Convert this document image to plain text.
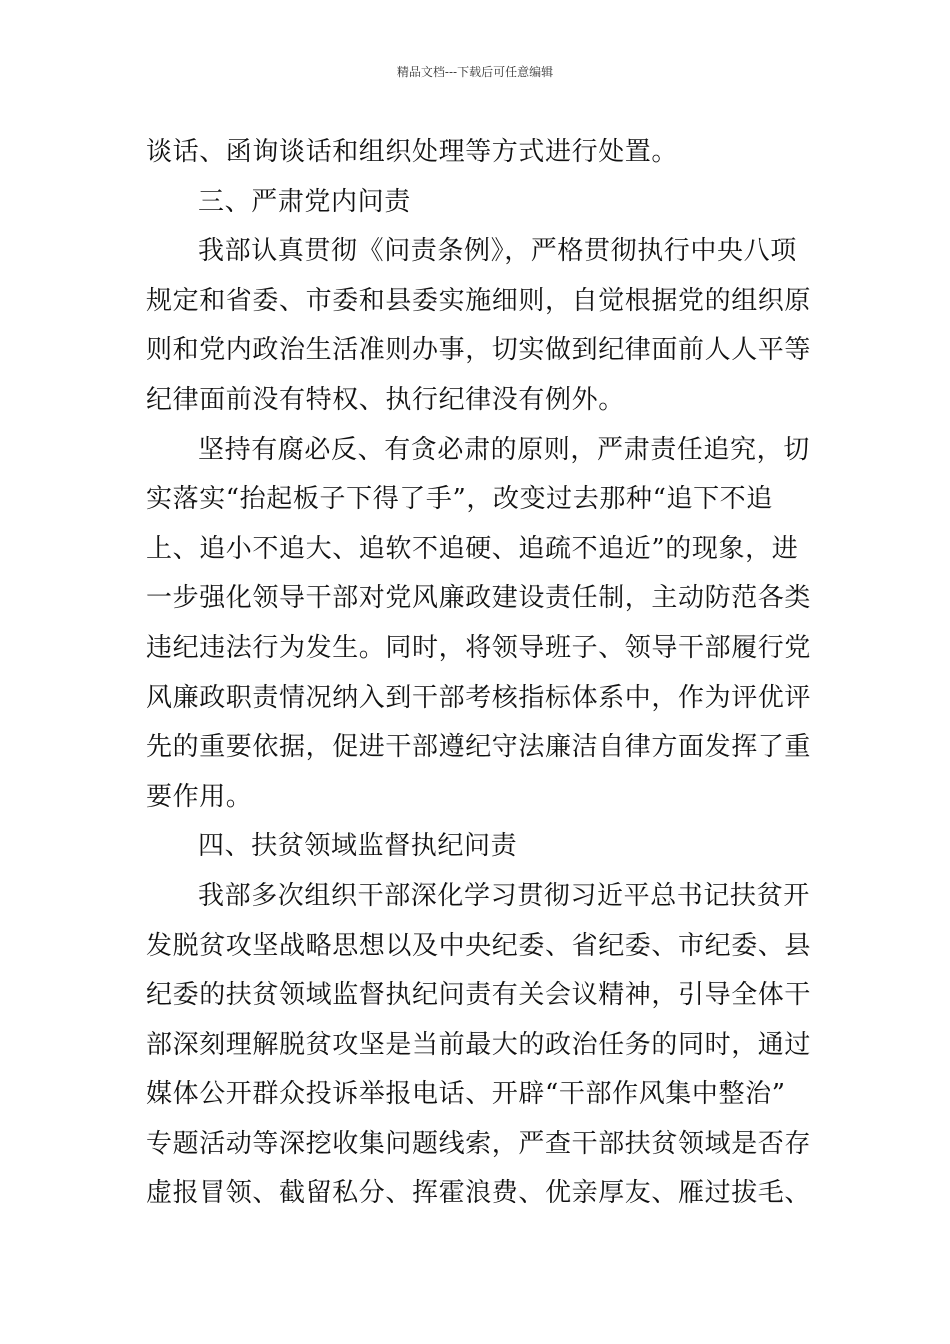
精品文档---下载后可任意编辑
谈话、函询谈话和组织处理等方式进行处置。
三、严肃党内问责
我部认真贯彻《问责条例》，严格贯彻执行中央八项
规定和省委、市委和县委实施细则，自觉根据党的组织原
则和党内政治生活准则办事，切实做到纪律面前人人平等
纪律面前没有特权、执行纪律没有例外。
坚持有腐必反、有贪必肃的原则，严肃责任追究，切
实落实“抬起板子下得了手”，改变过去那种“追下不追
上、追小不追大、追软不追硬、追疏不追近”的现象，进
一步强化领导干部对党风廉政建设责任制，主动防范各类
违纪违法行为发生。同时，将领导班子、领导干部履行党
风廉政职责情况纳入到干部考核指标体系中，作为评优评
先的重要依据，促进干部遵纪守法廉洁自律方面发挥了重
要作用。
四、扶贫领域监督执纪问责
我部多次组织干部深化学习贯彻习近平总书记扶贫开
发脱贫攻坚战略思想以及中央纪委、省纪委、市纪委、县
纪委的扶贫领域监督执纪问责有关会议精神，引导全体干
部深刻理解脱贫攻坚是当前最大的政治任务的同时，通过
媒体公开群众投诉举报电话、开辟“干部作风集中整治”
专题活动等深挖收集问题线索，严查干部扶贫领域是否存
虚报冒领、截留私分、挥霍浪费、优亲厚友、雁过拔毛、
